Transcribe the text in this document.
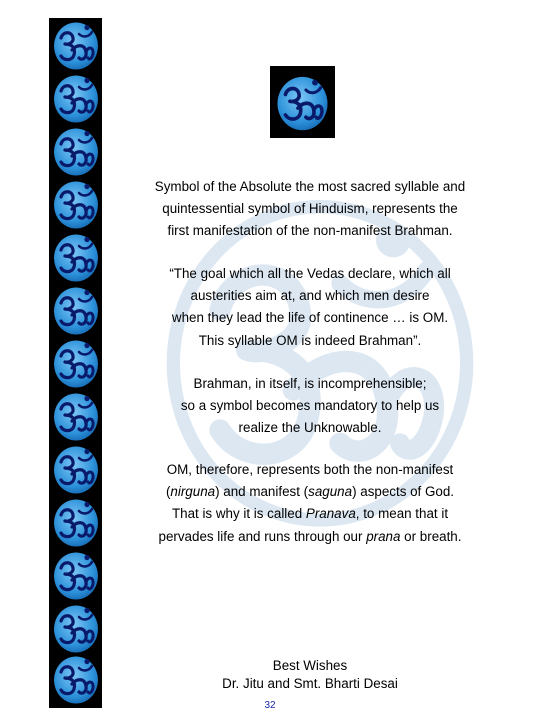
Symbol of the Absolute the most sacred syllable and
quintessential symbol of Hinduism, represents the
first manifestation of the non-manifest Brahman.
“The goal which all the Vedas declare, which all
austerities aim at, and which men desire
when they lead the life of continence … is OM.
This syllable OM is indeed Brahman”.
Brahman, in itself, is incomprehensible;
so a symbol becomes mandatory to help us
realize the Unknowable.
OM, therefore, represents both the non-manifest
(nirguna) and manifest (saguna) aspects of God.
That is why it is called Pranava, to mean that it
pervades life and runs through our prana or breath.
Best Wishes
Dr. Jitu and Smt. Bharti Desai
32
